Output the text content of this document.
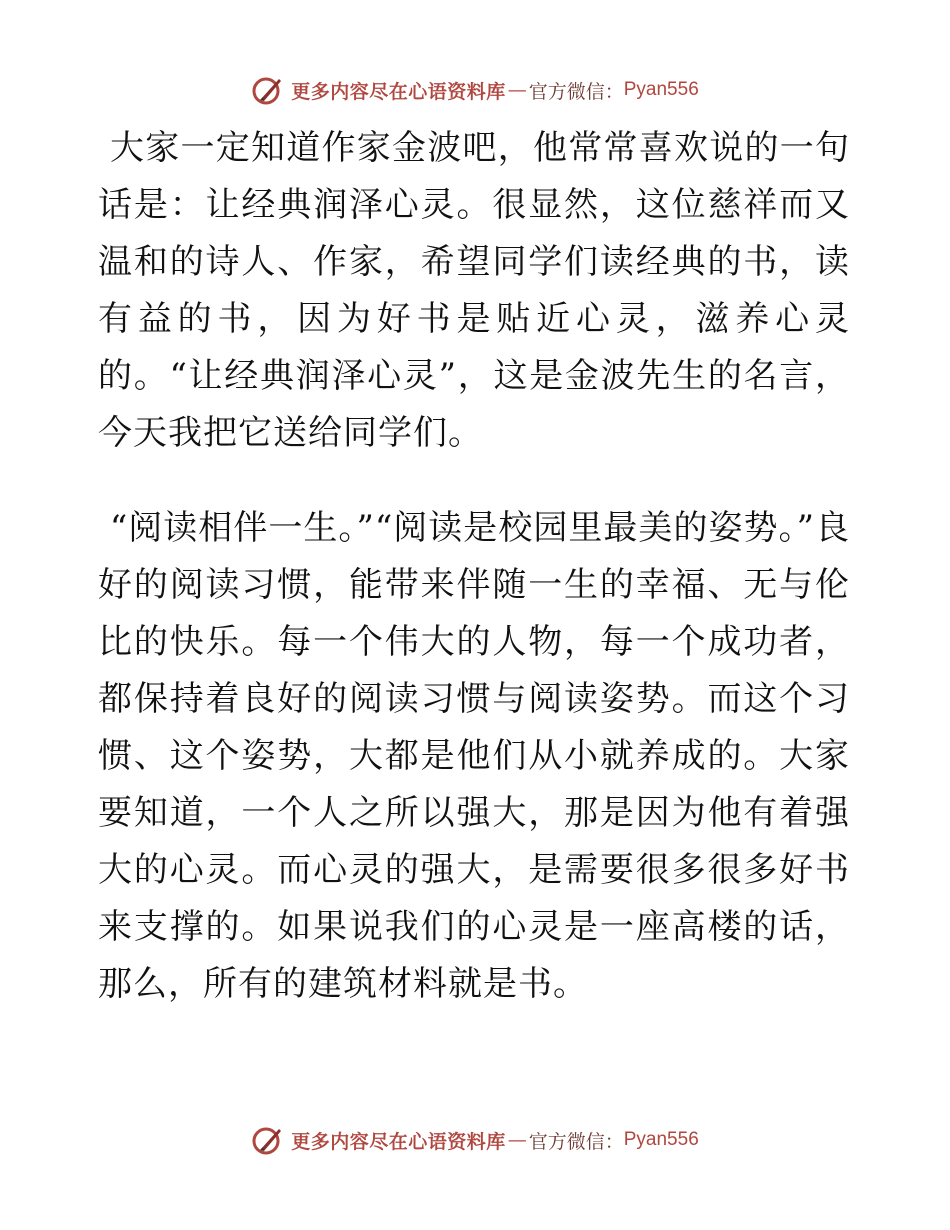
更多内容尽在心语资料库 — 官方微信： Pyan556

大家一定知道作家金波吧，他常常喜欢说的一句话是：让经典润泽心灵。很显然，这位慈祥而又温和的诗人、作家，希望同学们读经典的书，读有益的书，因为好书是贴近心灵，滋养心灵的。“让经典润泽心灵”，这是金波先生的名言，今天我把它送给同学们。

“阅读相伴一生。”“阅读是校园里最美的姿势。”良好的阅读习惯，能带来伴随一生的幸福、无与伦比的快乐。每一个伟大的人物，每一个成功者，都保持着良好的阅读习惯与阅读姿势。而这个习惯、这个姿势，大都是他们从小就养成的。大家要知道，一个人之所以强大，那是因为他有着强大的心灵。而心灵的强大，是需要很多很多好书来支撑的。如果说我们的心灵是一座高楼的话，那么，所有的建筑材料就是书。

更多内容尽在心语资料库 — 官方微信： Pyan556
